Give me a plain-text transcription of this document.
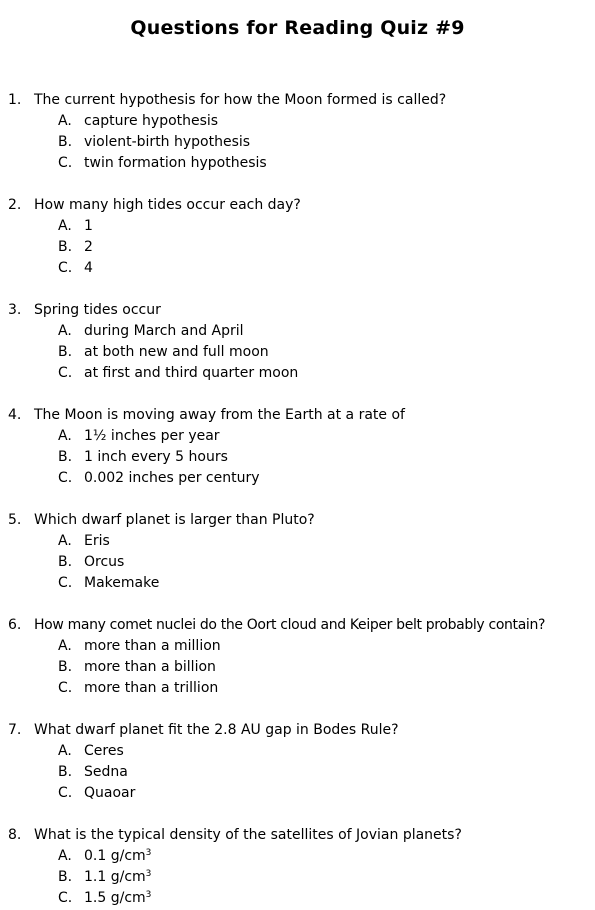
Questions for Reading Quiz #9
1. The current hypothesis for how the Moon formed is called?
A. capture hypothesis
B. violent-birth hypothesis
C. twin formation hypothesis
2. How many high tides occur each day?
A. 1
B. 2
C. 4
3. Spring tides occur
A. during March and April
B. at both new and full moon
C. at first and third quarter moon
4. The Moon is moving away from the Earth at a rate of
A. 1½ inches per year
B. 1 inch every 5 hours
C. 0.002 inches per century
5. Which dwarf planet is larger than Pluto?
A. Eris
B. Orcus
C. Makemake
6. How many comet nuclei do the Oort cloud and Keiper belt probably contain?
A. more than a million
B. more than a billion
C. more than a trillion
7. What dwarf planet fit the 2.8 AU gap in Bodes Rule?
A. Ceres
B. Sedna
C. Quaoar
8. What is the typical density of the satellites of Jovian planets?
A. 0.1 $g/cm^3$
B. 1.1 $g/cm^3$
C. 1.5 $g/cm^3$
